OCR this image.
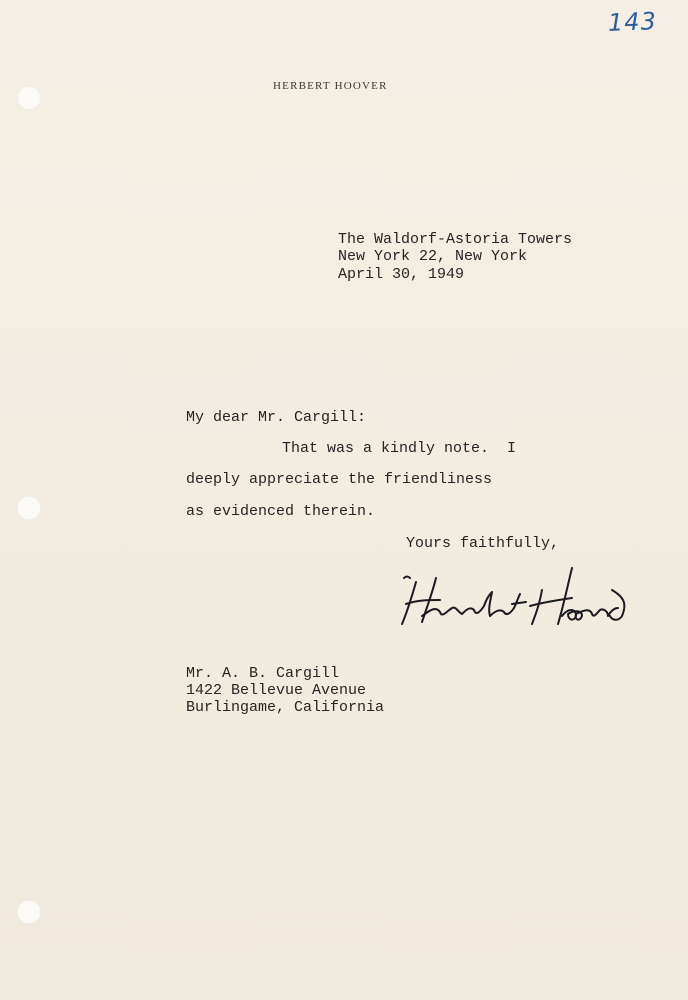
143
HERBERT HOOVER
The Waldorf-Astoria Towers
New York 22, New York
April 30, 1949
My dear Mr. Cargill:
That was a kindly note.  I
deeply appreciate the friendliness
as evidenced therein.
Yours faithfully,
Mr. A. B. Cargill
1422 Bellevue Avenue
Burlingame, California
